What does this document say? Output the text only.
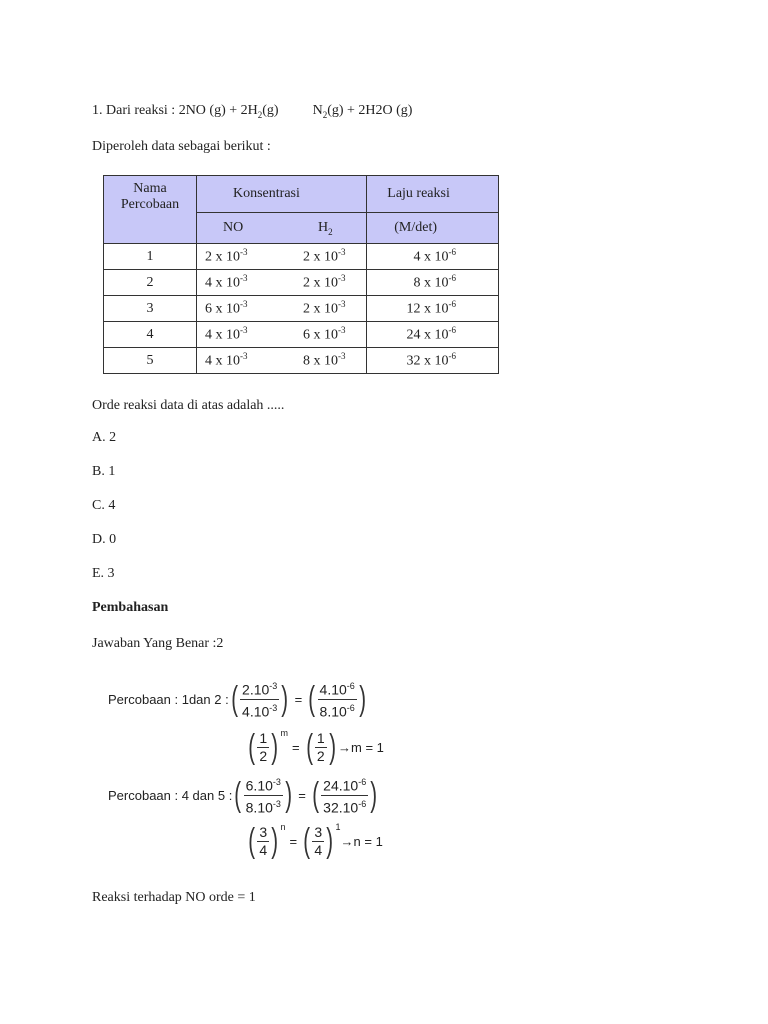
1. Dari reaksi : 2NO $(g) + 2H_2(g) N_2(g) + 2H2O$ (g)
Diperoleh data sebagai berikut :
Nama Percobaan	Konsentrasi		Laju reaksi
	NO	$H_2$	(M/det)
1	2 x $10^{-3}$	2 x $10^{-3}$	4 x $10^{-6}$
2	4 x $10^{-3}$	2 x $10^{-3}$	8 x $10^{-6}$
3	6 x $10^{-3}$	2 x $10^{-3}$	12 x $10^{-6}$
4	4 x $10^{-3}$	6 x $10^{-3}$	24 x $10^{-6}$
5	4 x $10^{-3}$	8 x $10^{-3}$	32 x $10^{-6}$
Orde reaksi data di atas adalah .....
A. 2
B. 1
C. 4
D. 0
E. 3
Pembahasan
Jawaban Yang Benar :2
Percobaan : 1dan 2 : ( $\frac{2.10^{-3}}{4.10^{-3}}$
) = ( $\frac{4.10^{-6}}{8.10^{-6}}$
)
( $\frac{1}{2}$
) $^m$
= ( $\frac{1}{2}$
) →m = 1
Percobaan : 4 dan 5 : ( $\frac{6.10^{-3}}{8.10^{-3}}$
) = ( $\frac{24.10^{-6}}{32.10^{-6}}$
)
( $\frac{3}{4}$
) $^n$
= ( $\frac{3}{4}$
) $^1$
→n = 1
Reaksi terhadap NO orde = 1
